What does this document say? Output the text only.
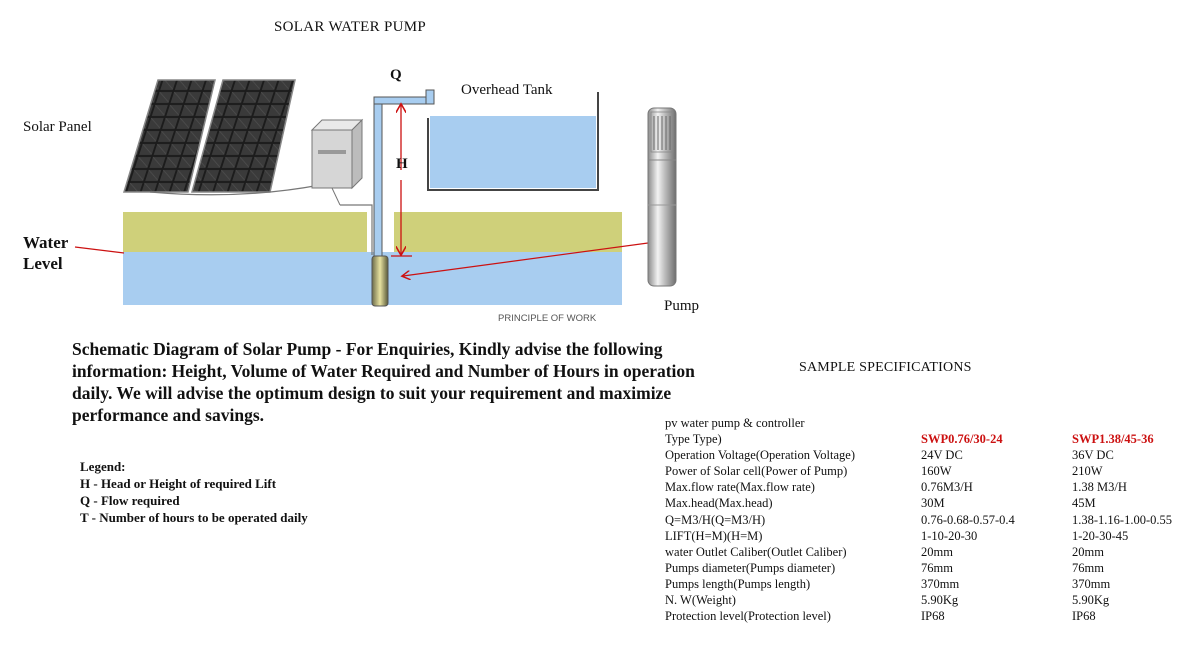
SOLAR WATER PUMP
PRINCIPLE OF WORK
Solar Panel
Q
H
Overhead Tank
Pump
Water
Level
Schematic Diagram of Solar Pump - For Enquiries, Kindly advise the following information: Height, Volume of Water Required and Number of Hours in operation daily. We will advise the optimum design to suit your requirement and maximize performance and savings.
Legend:
H - Head or Height of required Lift
Q - Flow required
T - Number of hours to be operated daily
SAMPLE SPECIFICATIONS
pv water pump & controller
Type Type)	SWP0.76/30-24	SWP1.38/45-36
Operation Voltage(Operation Voltage)	24V DC	36V DC
Power of Solar cell(Power of Pump)	160W	210W
Max.flow rate(Max.flow rate)	0.76M3/H	1.38 M3/H
Max.head(Max.head)	30M	45M
Q=M3/H(Q=M3/H)	0.76-0.68-0.57-0.4	1.38-1.16-1.00-0.55
LIFT(H=M)(H=M)	1-10-20-30	1-20-30-45
water Outlet Caliber(Outlet Caliber)	20mm	20mm
Pumps diameter(Pumps diameter)	76mm	76mm
Pumps length(Pumps length)	370mm	370mm
N. W(Weight)	5.90Kg	5.90Kg
Protection level(Protection level)	IP68	IP68
